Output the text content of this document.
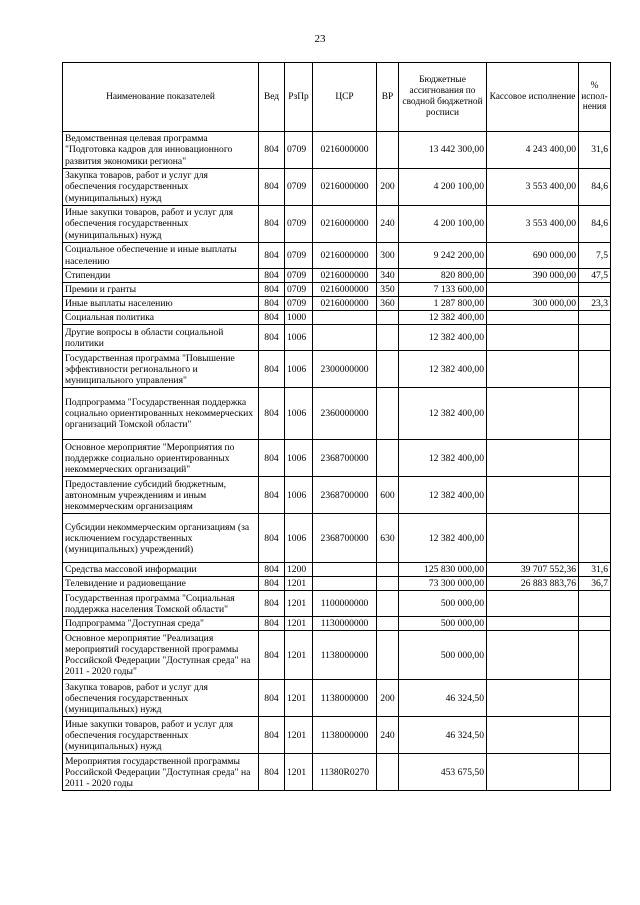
23
Наименование показателей	Вед	РзПр	ЦСР	ВР	Бюджетные ассигнования по сводной бюджетной росписи	Кассовое исполнение	% испол-нения
Ведомственная целевая программа "Подготовка кадров для инновационного развития экономики региона"	804	0709	0216000000		13 442 300,00	4 243 400,00	31,6
Закупка товаров, работ и услуг для обеспечения государственных (муниципальных) нужд	804	0709	0216000000	200	4 200 100,00	3 553 400,00	84,6
Иные закупки товаров, работ и услуг для обеспечения государственных (муниципальных) нужд	804	0709	0216000000	240	4 200 100,00	3 553 400,00	84,6
Социальное обеспечение и иные выплаты населению	804	0709	0216000000	300	9 242 200,00	690 000,00	7,5
Стипендии	804	0709	0216000000	340	820 800,00	390 000,00	47,5
Премии и гранты	804	0709	0216000000	350	7 133 600,00		
Иные выплаты населению	804	0709	0216000000	360	1 287 800,00	300 000,00	23,3
Социальная политика	804	1000			12 382 400,00		
Другие вопросы в области социальной политики	804	1006			12 382 400,00		
Государственная программа "Повышение эффективности регионального и муниципального управления"	804	1006	2300000000		12 382 400,00		
Подпрограмма "Государственная поддержка социально ориентированных некоммерческих организаций Томской области"	804	1006	2360000000		12 382 400,00		
Основное мероприятие "Мероприятия по поддержке социально ориентированных некоммерческих организаций"	804	1006	2368700000		12 382 400,00		
Предоставление субсидий бюджетным, автономным учреждениям и иным некоммерческим организациям	804	1006	2368700000	600	12 382 400,00		
Субсидии некоммерческим организациям (за исключением государственных (муниципальных) учреждений)	804	1006	2368700000	630	12 382 400,00		
Средства массовой информации	804	1200			125 830 000,00	39 707 552,36	31,6
Телевидение и радиовещание	804	1201			73 300 000,00	26 883 883,76	36,7
Государственная программа "Социальная поддержка населения Томской области"	804	1201	1100000000		500 000,00		
Подпрограмма "Доступная среда"	804	1201	1130000000		500 000,00		
Основное мероприятие "Реализация мероприятий государственной программы Российской Федерации "Доступная среда" на 2011 - 2020 годы"	804	1201	1138000000		500 000,00		
Закупка товаров, работ и услуг для обеспечения государственных (муниципальных) нужд	804	1201	1138000000	200	46 324,50		
Иные закупки товаров, работ и услуг для обеспечения государственных (муниципальных) нужд	804	1201	1138000000	240	46 324,50		
Мероприятия государственной программы Российской Федерации "Доступная среда" на 2011 - 2020 годы	804	1201	11380R0270		453 675,50		
